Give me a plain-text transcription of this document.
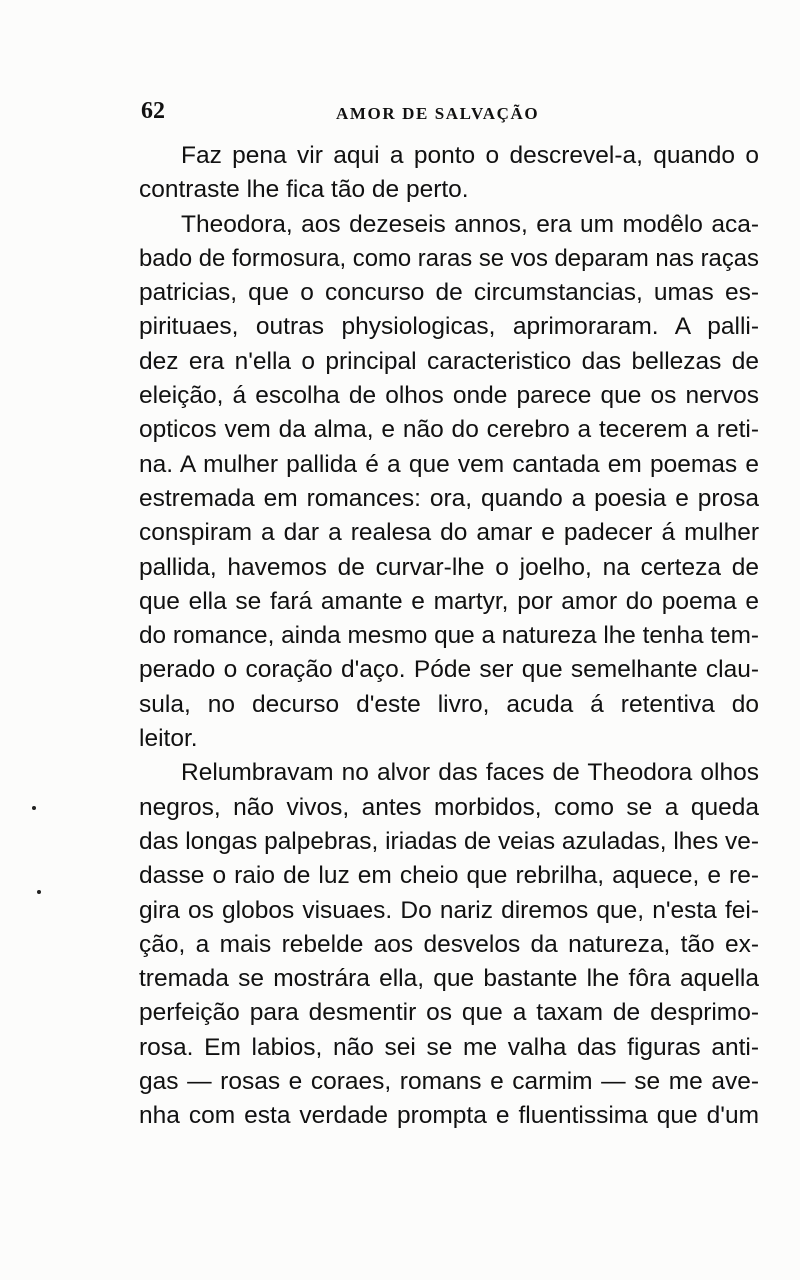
62	AMOR DE SALVAÇÃO
Faz pena vir aqui a ponto o descrevel-a, quando o
contraste lhe fica tão de perto.
Theodora, aos dezeseis annos, era um modêlo aca-
bado de formosura, como raras se vos deparam nas raças
patricias, que o concurso de circumstancias, umas es-
pirituaes, outras physiologicas, aprimoraram. A palli-
dez era n'ella o principal caracteristico das bellezas de
eleição, á escolha de olhos onde parece que os nervos
opticos vem da alma, e não do cerebro a tecerem a reti-
na. A mulher pallida é a que vem cantada em poemas e
estremada em romances: ora, quando a poesia e prosa
conspiram a dar a realesa do amar e padecer á mulher
pallida, havemos de curvar-lhe o joelho, na certeza de
que ella se fará amante e martyr, por amor do poema e
do romance, ainda mesmo que a natureza lhe tenha tem-
perado o coração d'aço. Póde ser que semelhante clau-
sula, no decurso d'este livro, acuda á retentiva do
leitor.
Relumbravam no alvor das faces de Theodora olhos
negros, não vivos, antes morbidos, como se a queda
das longas palpebras, iriadas de veias azuladas, lhes ve-
dasse o raio de luz em cheio que rebrilha, aquece, e re-
gira os globos visuaes. Do nariz diremos que, n'esta fei-
ção, a mais rebelde aos desvelos da natureza, tão ex-
tremada se mostrára ella, que bastante lhe fôra aquella
perfeição para desmentir os que a taxam de desprimo-
rosa. Em labios, não sei se me valha das figuras anti-
gas — rosas e coraes, romans e carmim — se me ave-
nha com esta verdade prompta e fluentissima que d'um
